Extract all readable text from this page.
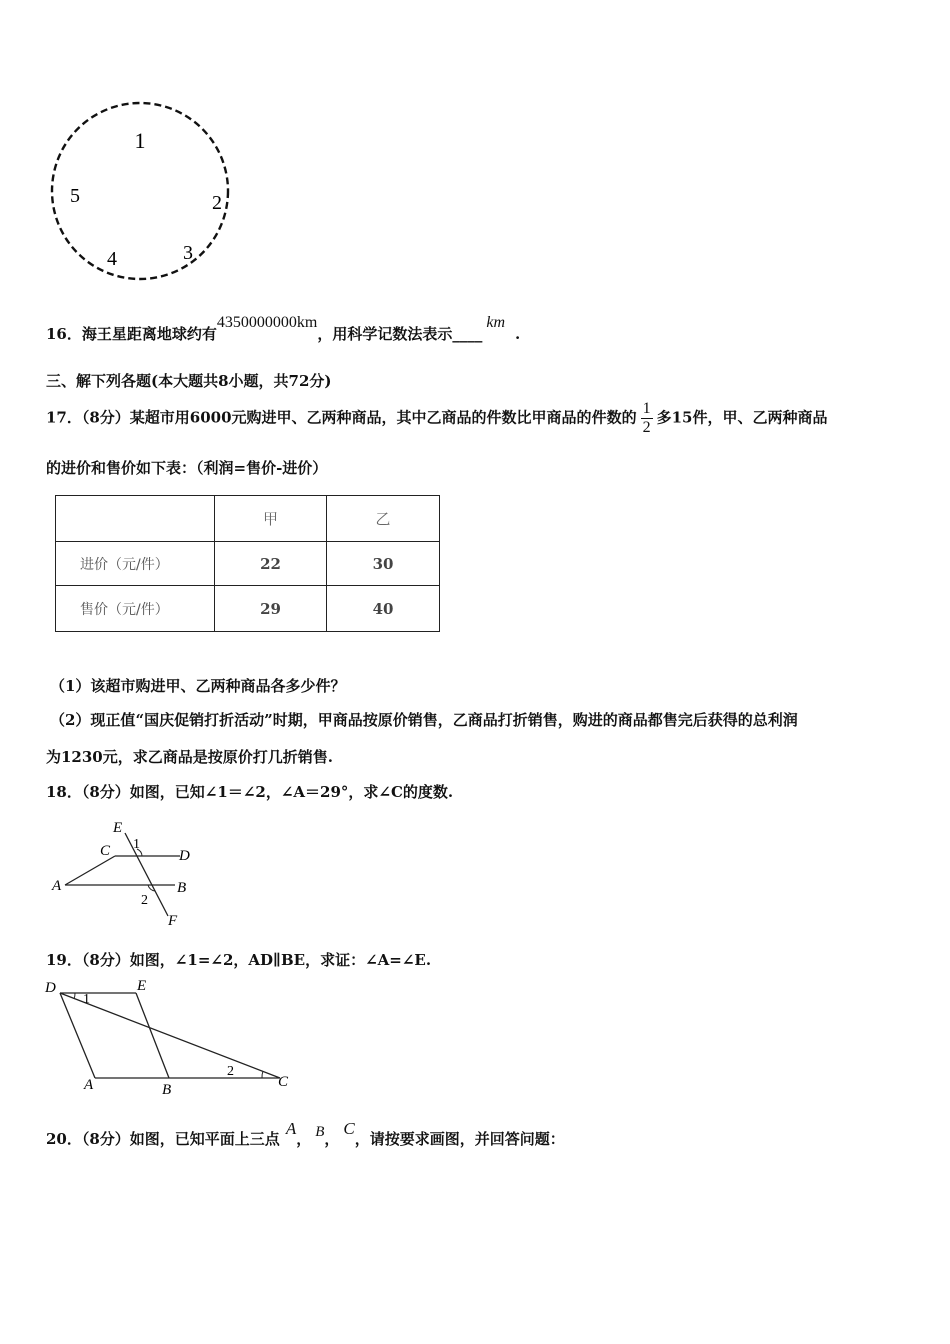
1
2
3
4
5
16．海王星距离地球约有4350000000km，用科学记数法表示____km.
三、解下列各题(本大题共8小题，共72分)
17．（8分）某超市用6000元购进甲、乙两种商品，其中乙商品的件数比甲商品的件数的 $\frac{1}{2}$ 多15件，甲、乙两种商品
的进价和售价如下表：（利润=售价-进价）
	甲	乙
进价（元/件）	22	30
售价（元/件）	29	40
（1）该超市购进甲、乙两种商品各多少件？
（2）现正值“国庆促销打折活动”时期，甲商品按原价销售，乙商品打折销售，购进的商品都售完后获得的总利润
为1230元，求乙商品是按原价打几折销售.
18．（8分）如图，已知∠1＝∠2，∠A＝29°，求∠C的度数.
E
1
C	D
A	B
2
F
19．（8分）如图，∠1=∠2，AD∥BE，求证：∠A=∠E.
D
1
E
2
C
A	B
20．（8分）如图，已知平面上三点A， B，C，请按要求画图，并回答问题：
